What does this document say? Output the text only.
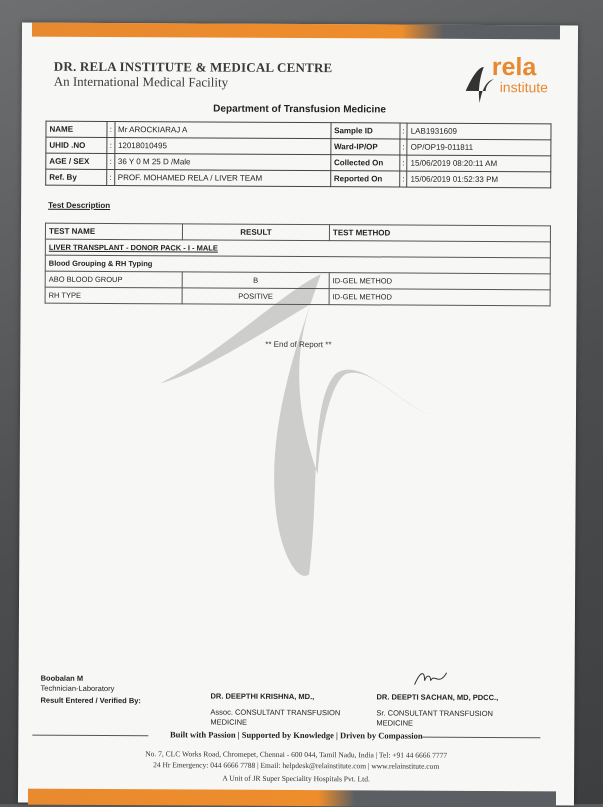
DR. RELA INSTITUTE & MEDICAL CENTRE
An International Medical Facility
rela
institute
Department of Transfusion Medicine
NAME	:	Mr AROCKIARAJ A	Sample ID	:	LAB1931609
UHID .NO	:	12018010495	Ward-IP/OP	:	OP/OP19-011811
AGE / SEX	:	36 Y 0 M 25 D /Male	Collected On	:	15/06/2019 08:20:11 AM
Ref. By	:	PROF. MOHAMED RELA / LIVER TEAM	Reported On	:	15/06/2019 01:52:33 PM
Test Description
TEST NAME	RESULT	TEST METHOD
LIVER TRANSPLANT - DONOR PACK - I - MALE		
Blood Grouping & RH Typing		
ABO BLOOD GROUP	B	ID-GEL METHOD
RH TYPE	POSITIVE	ID-GEL METHOD
** End of Report **
Boobalan M
Technician-Laboratory
Result Entered / Verified By:	DR. DEEPTHI KRISHNA, MD.,
Assoc. CONSULTANT TRANSFUSION
MEDICINE
DR. DEEPTI SACHAN, MD, PDCC.,
Sr. CONSULTANT TRANSFUSION
MEDICINE
Built with Passion | Supported by Knowledge | Driven by Compassion
No. 7, CLC Works Road, Chromepet, Chennai - 600 044, Tamil Nadu, India | Tel: +91 44 6666 7777
24 Hr Emergency: 044 6666 7788 | Email: helpdesk@relainstitute.com | www.relainstitute.com
A Unit of JR Super Speciality Hospitals Pvt. Ltd.
